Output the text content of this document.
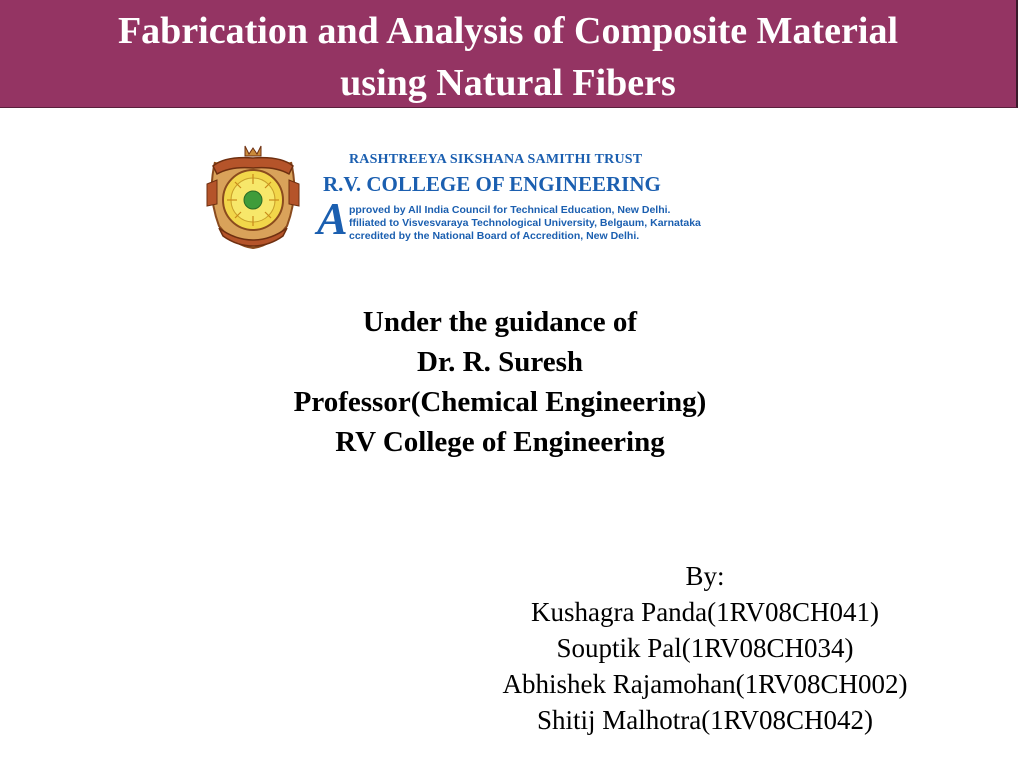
Fabrication and Analysis of Composite Material
using Natural Fibers
RASHTREEYA SIKSHANA SAMITHI TRUST
R.V. COLLEGE OF ENGINEERING
A pproved by All India Council for Technical Education, New Delhi.
ffiliated to Visvesvaraya Technological University, Belgaum, Karnataka
ccredited by the National Board of Accredition, New Delhi.
Under the guidance of
Dr. R. Suresh
Professor(Chemical Engineering)
RV College of Engineering
By:
Kushagra Panda(1RV08CH041)
Souptik Pal(1RV08CH034)
Abhishek Rajamohan(1RV08CH002)
Shitij Malhotra(1RV08CH042)
